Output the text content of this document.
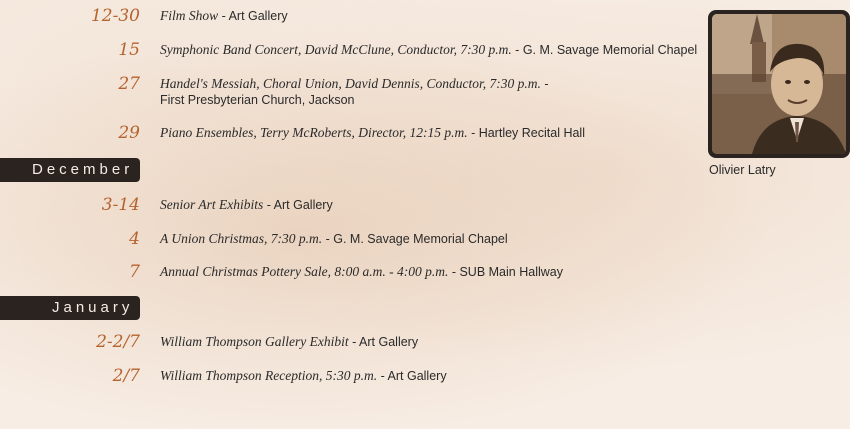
12-30 Film Show - Art Gallery
15 Symphonic Band Concert, David McClune, Conductor, 7:30 p.m. - G. M. Savage Memorial Chapel
27 Handel's Messiah, Choral Union, David Dennis, Conductor, 7:30 p.m. -
First Presbyterian Church, Jackson
29 Piano Ensembles, Terry McRoberts, Director, 12:15 p.m. - Hartley Recital Hall
December
3-14 Senior Art Exhibits - Art Gallery
4 A Union Christmas, 7:30 p.m. - G. M. Savage Memorial Chapel
7 Annual Christmas Pottery Sale, 8:00 a.m. - 4:00 p.m. - SUB Main Hallway
January
2-2/7 William Thompson Gallery Exhibit - Art Gallery
2/7 William Thompson Reception, 5:30 p.m. - Art Gallery
Olivier Latry
